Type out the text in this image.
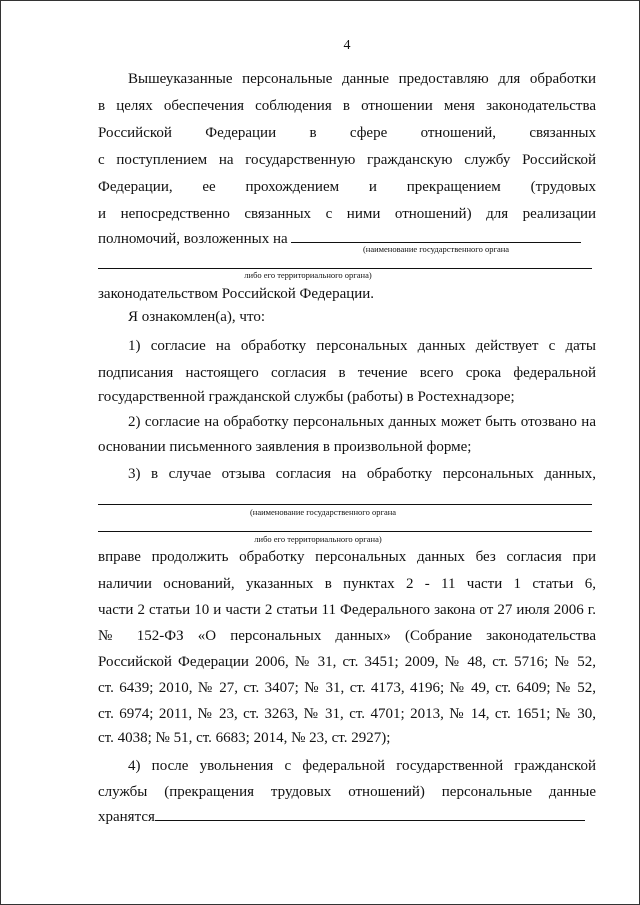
4
Вышеуказанные персональные данные предоставляю для обработки
в целях обеспечения соблюдения в отношении меня законодательства
Российской Федерации в сфере отношений, связанных
с поступлением на государственную гражданскую службу Российской
Федерации, ее прохождением и прекращением (трудовых
и непосредственно связанных с ними отношений) для реализации
полномочий, возложенных на
(наименование государственного органа
либо его территориального органа)
законодательством Российской Федерации.
Я ознакомлен(а), что:
1) согласие на обработку персональных данных действует с даты
подписания настоящего согласия в течение всего срока федеральной
государственной гражданской службы (работы) в Ростехнадзоре;
2) согласие на обработку персональных данных может быть отозвано на
основании письменного заявления в произвольной форме;
3) в случае отзыва согласия на обработку персональных данных,
(наименование государственного органа
либо его территориального органа)
вправе продолжить обработку персональных данных без согласия при
наличии оснований, указанных в пунктах 2 - 11 части 1 статьи 6,
части 2 статьи 10 и части 2 статьи 11 Федерального закона от 27 июля 2006 г.
№ 152-ФЗ «О персональных данных» (Собрание законодательства
Российской Федерации 2006, № 31, ст. 3451; 2009, № 48, ст. 5716; № 52,
ст. 6439; 2010, № 27, ст. 3407; № 31, ст. 4173, 4196; № 49, ст. 6409; № 52,
ст. 6974; 2011, № 23, ст. 3263, № 31, ст. 4701; 2013, № 14, ст. 1651; № 30,
ст. 4038; № 51, ст. 6683; 2014, № 23, ст. 2927);
4) после увольнения с федеральной государственной гражданской
службы (прекращения трудовых отношений) персональные данные
хранятся
